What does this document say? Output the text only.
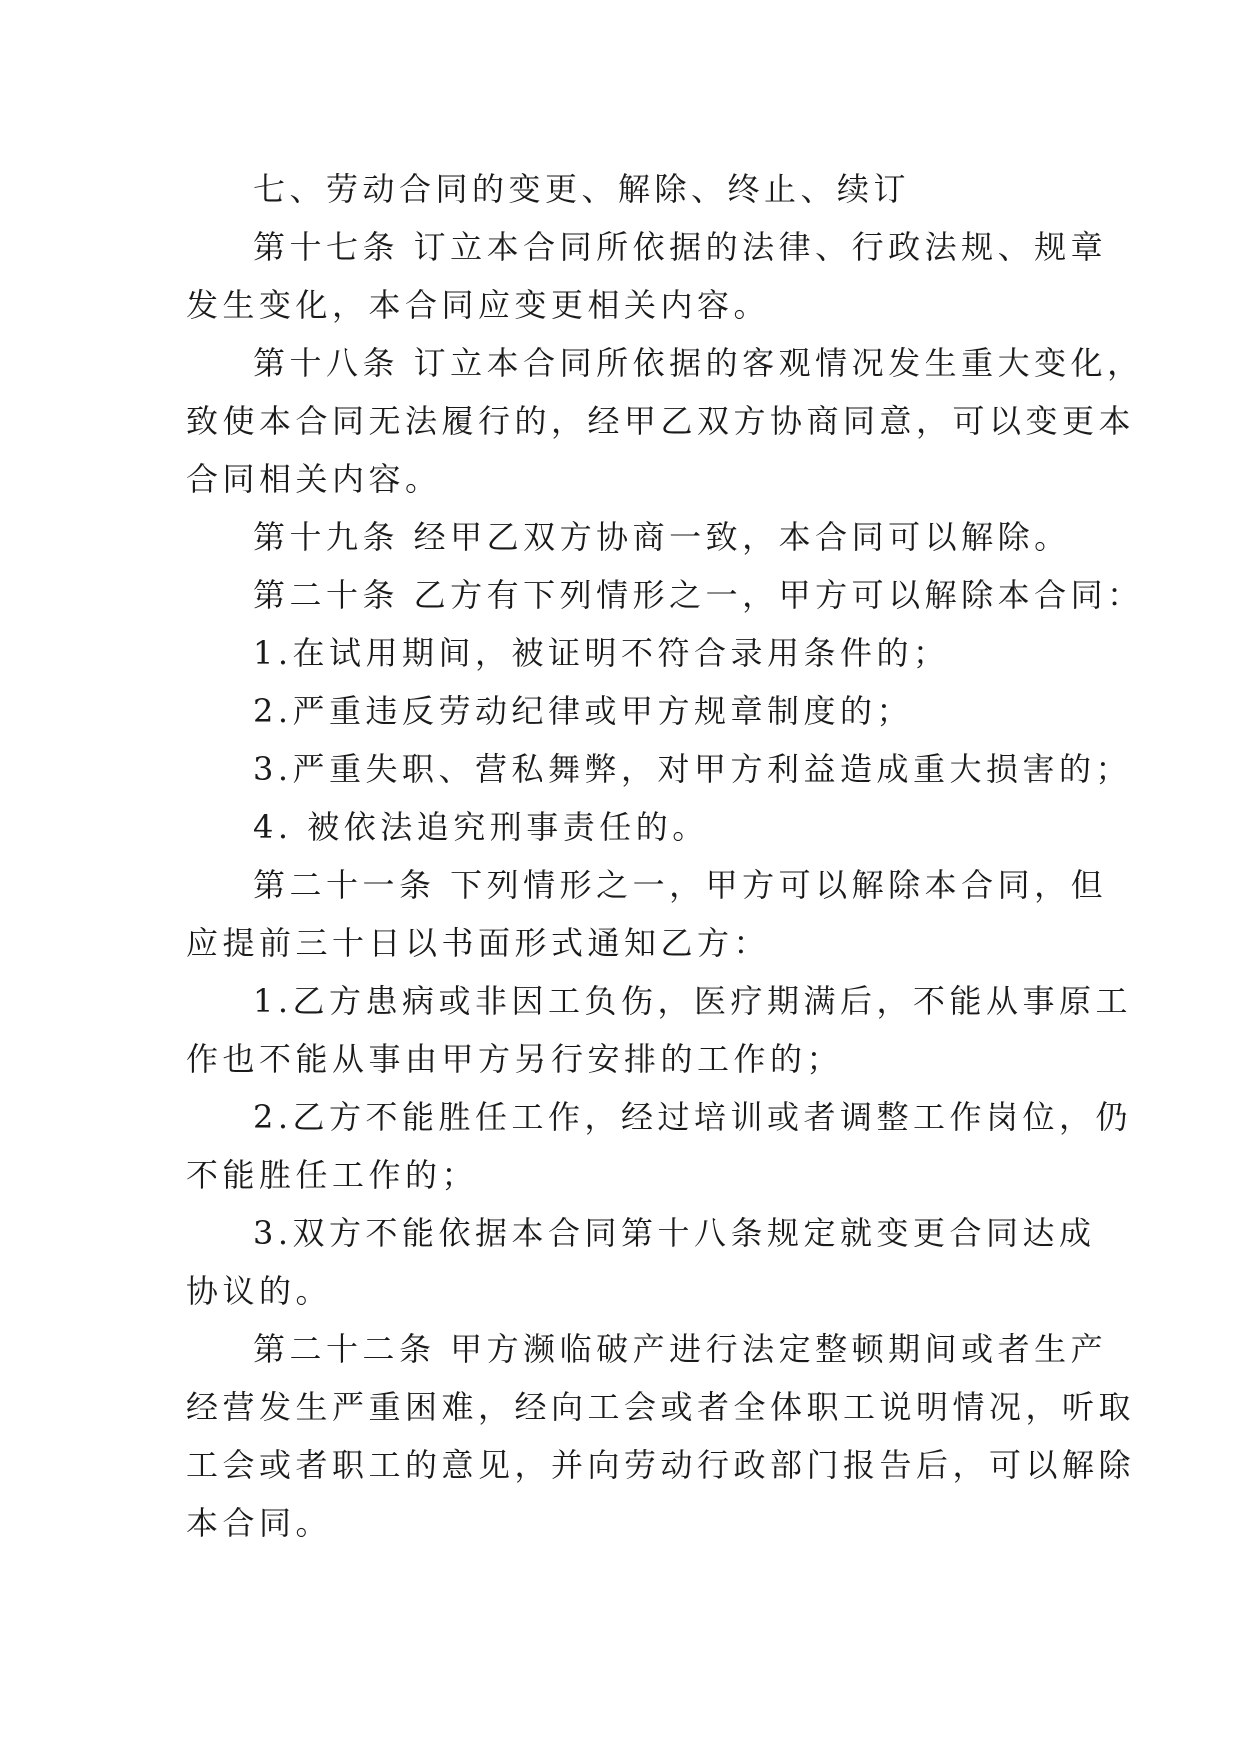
七、劳动合同的变更、解除、终止、续订
第十七条 订立本合同所依据的法律、行政法规、规章
发生变化，本合同应变更相关内容。
第十八条 订立本合同所依据的客观情况发生重大变化，
致使本合同无法履行的，经甲乙双方协商同意，可以变更本
合同相关内容。
第十九条 经甲乙双方协商一致，本合同可以解除。
第二十条 乙方有下列情形之一，甲方可以解除本合同：
1.在试用期间，被证明不符合录用条件的；
2.严重违反劳动纪律或甲方规章制度的；
3.严重失职、营私舞弊，对甲方利益造成重大损害的；
4. 被依法追究刑事责任的。
第二十一条 下列情形之一，甲方可以解除本合同，但
应提前三十日以书面形式通知乙方：
1.乙方患病或非因工负伤，医疗期满后，不能从事原工
作也不能从事由甲方另行安排的工作的；
2.乙方不能胜任工作，经过培训或者调整工作岗位，仍
不能胜任工作的；
3.双方不能依据本合同第十八条规定就变更合同达成
协议的。
第二十二条 甲方濒临破产进行法定整顿期间或者生产
经营发生严重困难，经向工会或者全体职工说明情况，听取
工会或者职工的意见，并向劳动行政部门报告后，可以解除
本合同。
